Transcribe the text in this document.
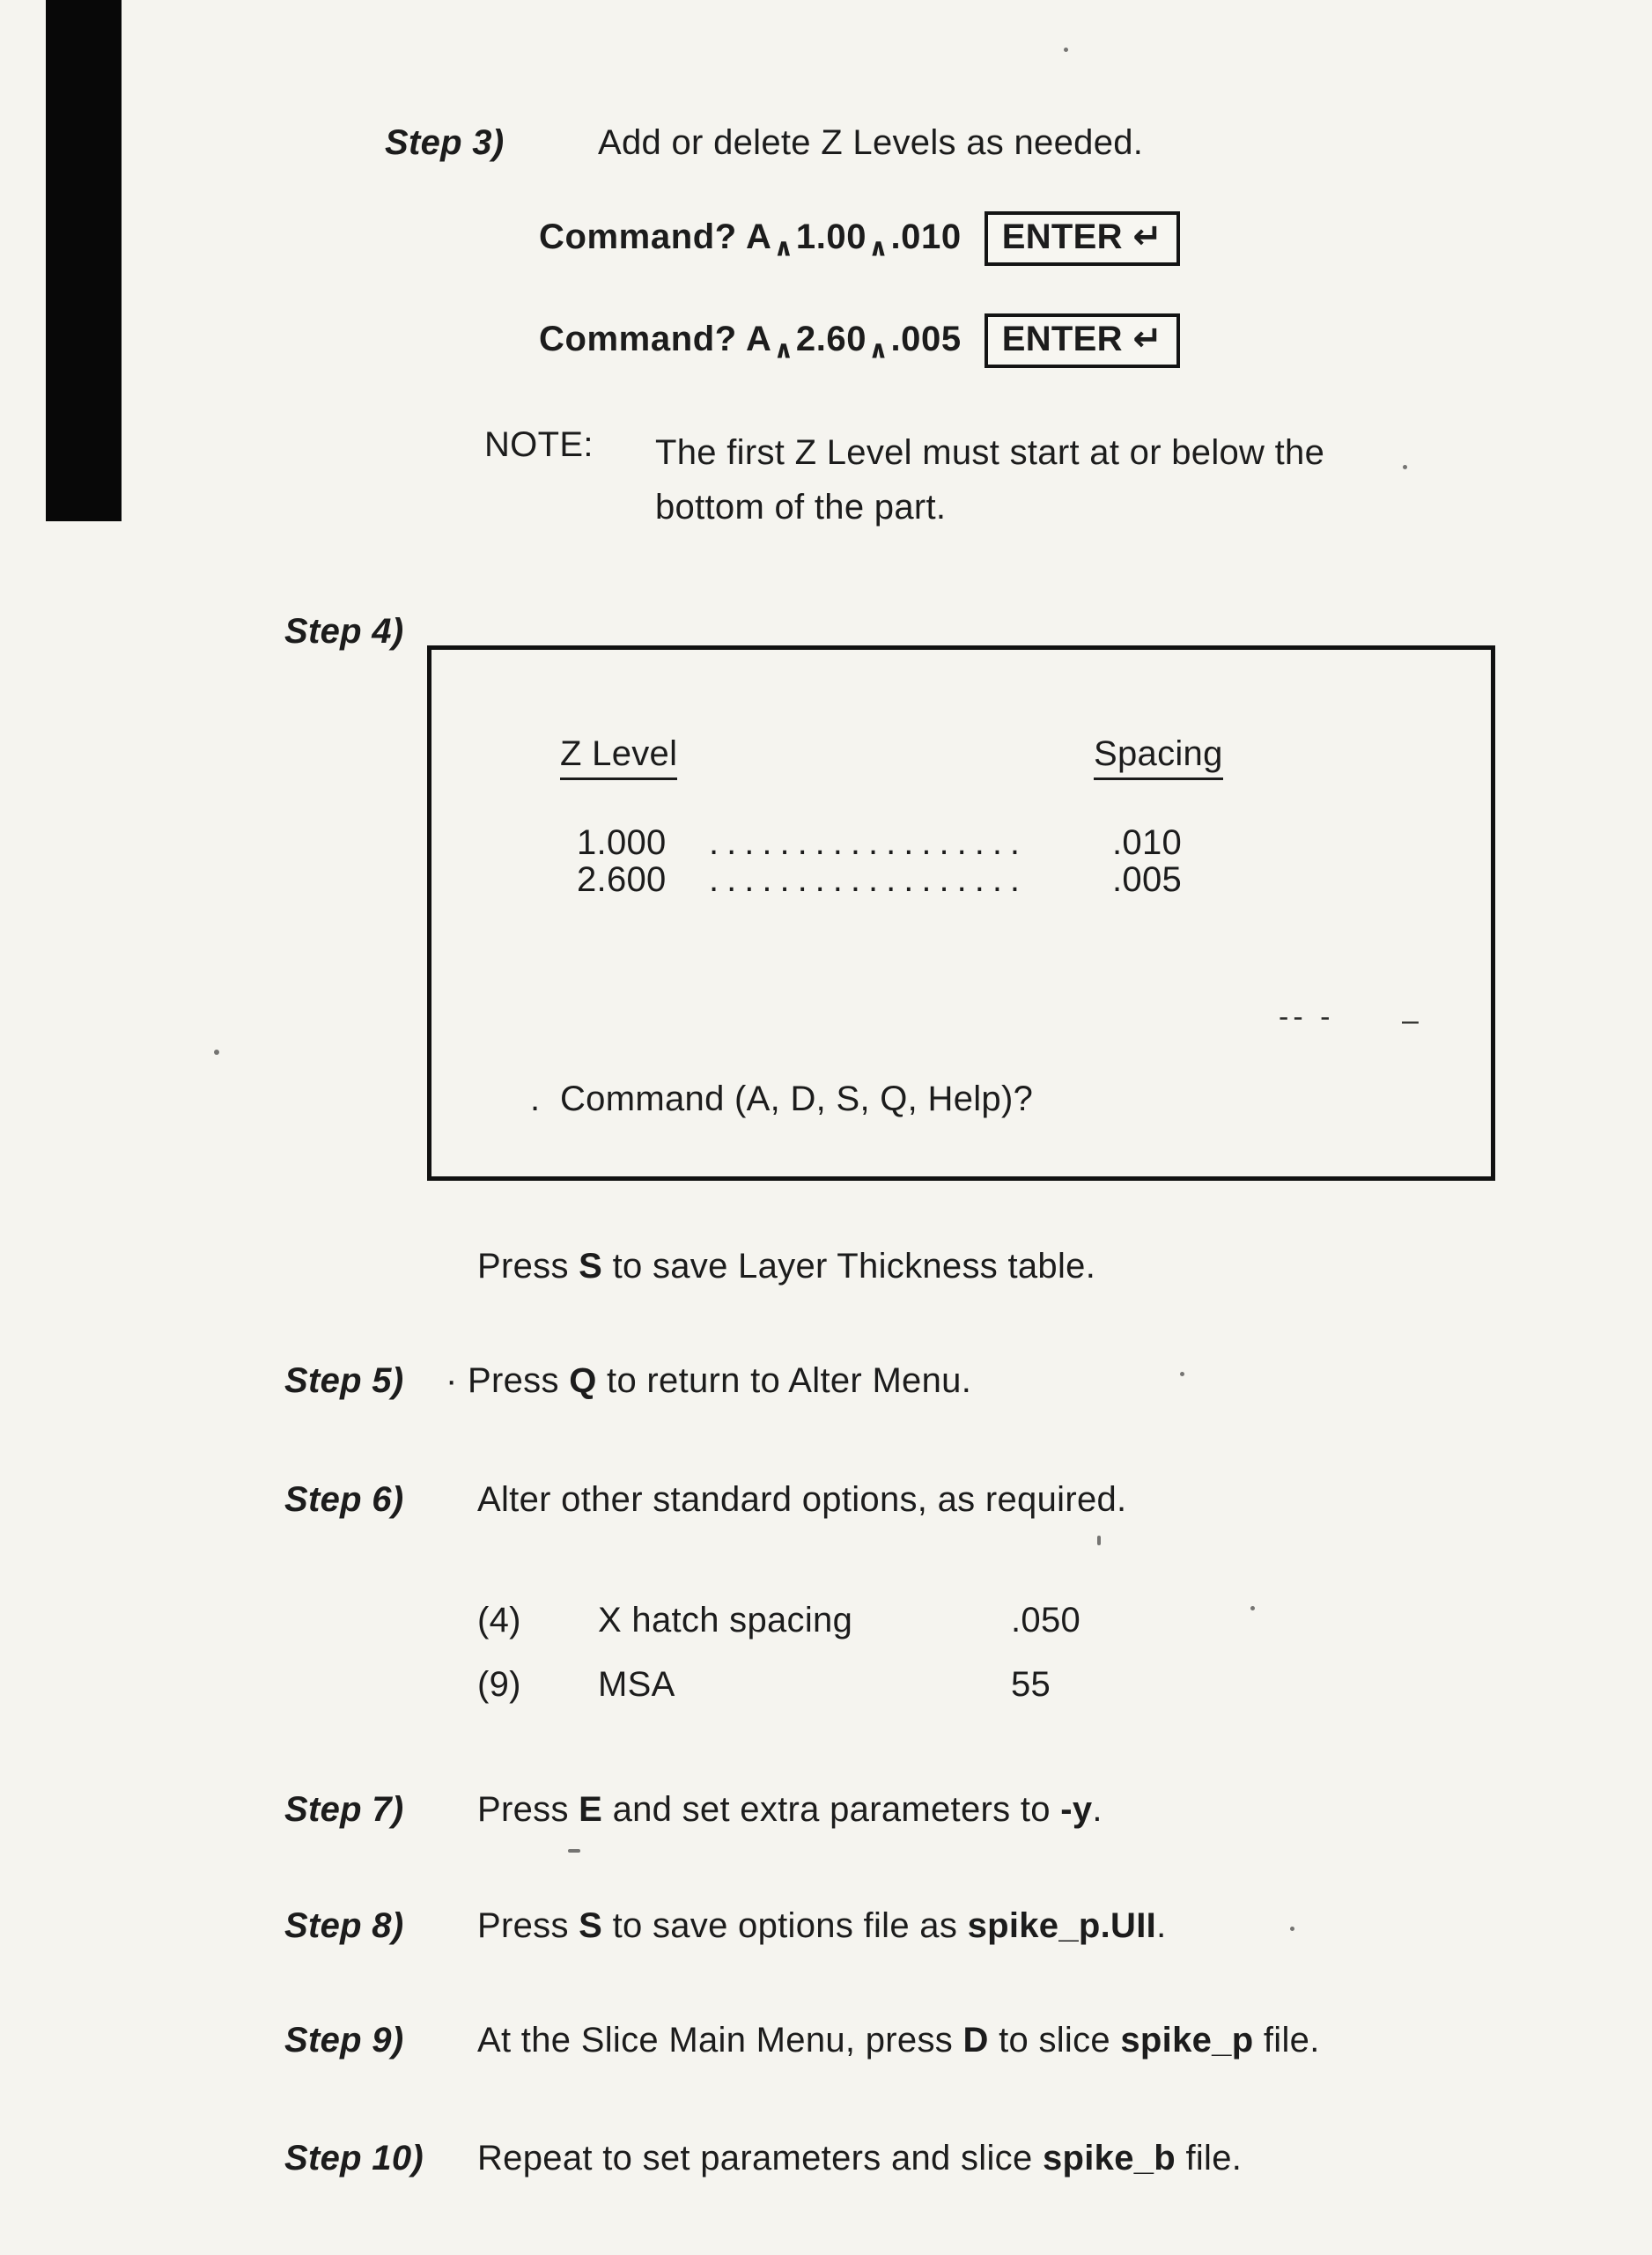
Step 3)	Add or delete Z Levels as needed.
Command? A∧1.00∧.010 ENTER ↵
Command? A∧2.60∧.005 ENTER ↵
NOTE: The first Z Level must start at or below the
bottom of the part.
Step 4)
Z Level	Spacing
1.000 .................. .010
2.600 .................. .005
-- - –
. Command (A, D, S, Q, Help)?
Press S to save Layer Thickness table.
Step 5) · Press Q to return to Alter Menu.
Step 6) Alter other standard options, as required.
(4) X hatch spacing	.050
(9) MSA	55
Step 7) Press E and set extra parameters to -y.
Step 8) Press S to save options file as spike_p.UII.
Step 9) At the Slice Main Menu, press D to slice spike_p file.
Step 10) Repeat to set parameters and slice spike_b file.
